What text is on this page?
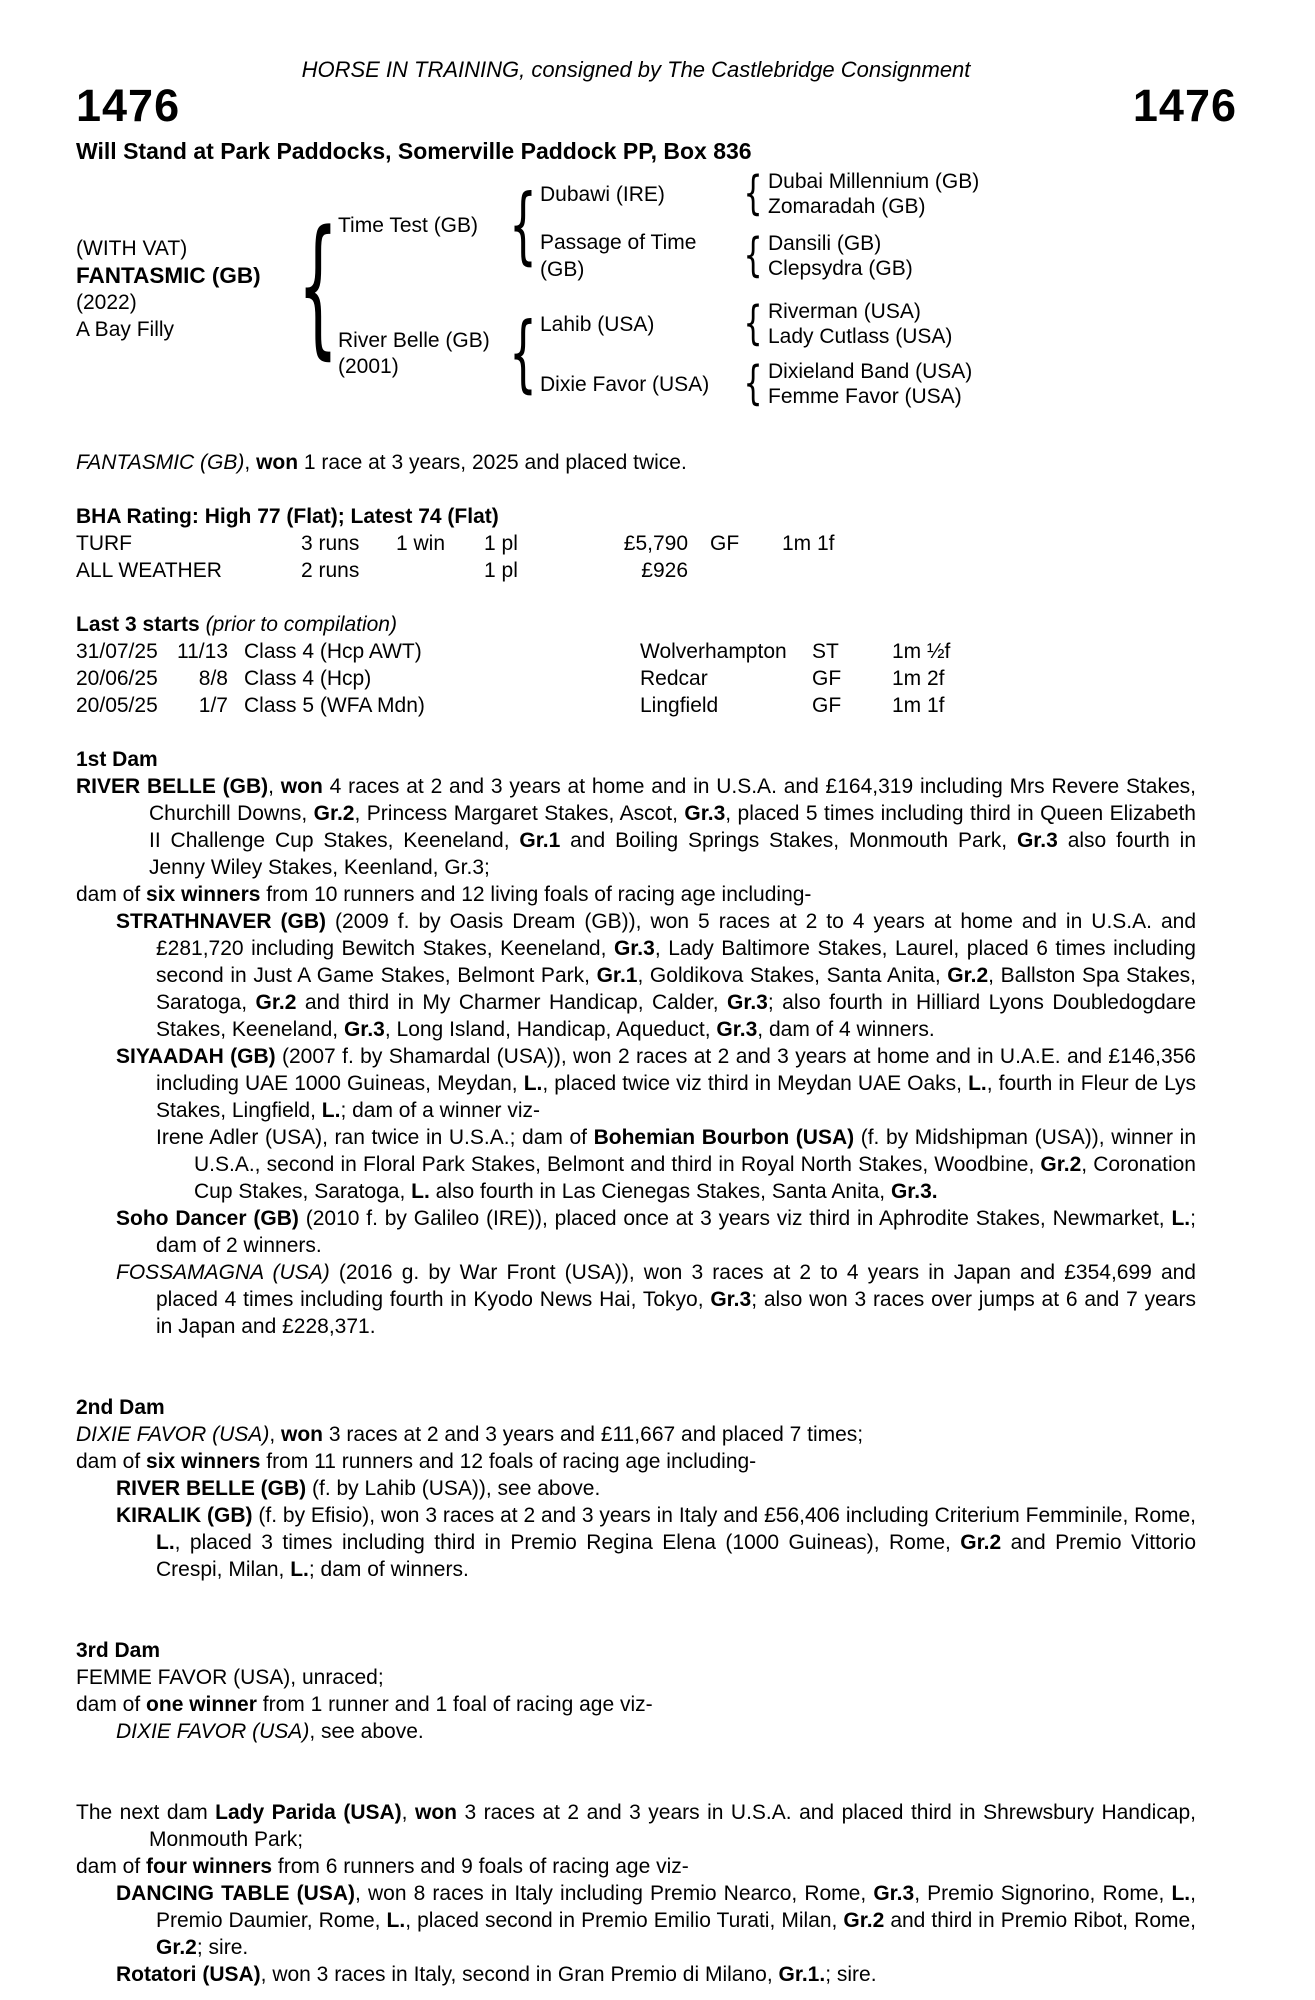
HORSE IN TRAINING, consigned by The Castlebridge Consignment
1476	1476
Will Stand at Park Paddocks, Somerville Paddock PP, Box 836
(WITH VAT)
FANTASMIC (GB)
(2022)
A Bay Filly	{ Time Test (GB) { Dubawi (IRE)	{ Dubai Millennium (GB)
Zomaradah (GB)
Passage of Time (GB)	{ Dansili (GB)
Clepsydra (GB)
River Belle (GB)
(2001)	{ Lahib (USA)	{ Riverman (USA)
Lady Cutlass (USA)
Dixie Favor (USA)	{ Dixieland Band (USA)
Femme Favor (USA)

FANTASMIC (GB), won 1 race at 3 years, 2025 and placed twice.

BHA Rating: High 77 (Flat); Latest 74 (Flat)
TURF	3 runs	1 win	1 pl	£5,790	GF	1m 1f
ALL WEATHER	2 runs	1 pl	£926

Last 3 starts (prior to compilation)

31/07/25 11/13 Class 4 (Hcp AWT)	Wolverhampton	ST	1m ½f
20/06/25	8/8 Class 4 (Hcp)	Redcar	GF	1m 2f
20/05/25	1/7 Class 5 (WFA Mdn)	Lingfield	GF	1m 1f
1st Dam

RIVER BELLE (GB), won 4 races at 2 and 3 years at home and in U.S.A. and £164,319 including Mrs Revere Stakes, Churchill Downs, Gr.2, Princess Margaret Stakes, Ascot, Gr.3, placed 5 times including third in Queen Elizabeth II Challenge Cup Stakes, Keeneland, Gr.1 and Boiling Springs Stakes, Monmouth Park, Gr.3 also fourth in Jenny Wiley Stakes, Keenland, Gr.3;

dam of six winners from 10 runners and 12 living foals of racing age including-

STRATHNAVER (GB) (2009 f. by Oasis Dream (GB)), won 5 races at 2 to 4 years at home and in U.S.A. and £281,720 including Bewitch Stakes, Keeneland, Gr.3, Lady Baltimore Stakes, Laurel, placed 6 times including second in Just A Game Stakes, Belmont Park, Gr.1, Goldikova Stakes, Santa Anita, Gr.2, Ballston Spa Stakes, Saratoga, Gr.2 and third in My Charmer Handicap, Calder, Gr.3; also fourth in Hilliard Lyons Doubledogdare Stakes, Keeneland, Gr.3, Long Island, Handicap, Aqueduct, Gr.3, dam of 4 winners.

SIYAADAH (GB) (2007 f. by Shamardal (USA)), won 2 races at 2 and 3 years at home and in U.A.E. and £146,356 including UAE 1000 Guineas, Meydan, L., placed twice viz third in Meydan UAE Oaks, L., fourth in Fleur de Lys Stakes, Lingfield, L.; dam of a winner viz-

Irene Adler (USA), ran twice in U.S.A.; dam of Bohemian Bourbon (USA) (f. by Midshipman (USA)), winner in U.S.A., second in Floral Park Stakes, Belmont and third in Royal North Stakes, Woodbine, Gr.2, Coronation Cup Stakes, Saratoga, L. also fourth in Las Cienegas Stakes, Santa Anita, Gr.3.

Soho Dancer (GB) (2010 f. by Galileo (IRE)), placed once at 3 years viz third in Aphrodite Stakes, Newmarket, L.; dam of 2 winners.

FOSSAMAGNA (USA) (2016 g. by War Front (USA)), won 3 races at 2 to 4 years in Japan and £354,699 and placed 4 times including fourth in Kyodo News Hai, Tokyo, Gr.3; also won 3 races over jumps at 6 and 7 years in Japan and £228,371.

2nd Dam

DIXIE FAVOR (USA), won 3 races at 2 and 3 years and £11,667 and placed 7 times;

dam of six winners from 11 runners and 12 foals of racing age including-

RIVER BELLE (GB) (f. by Lahib (USA)), see above.

KIRALIK (GB) (f. by Efisio), won 3 races at 2 and 3 years in Italy and £56,406 including Criterium Femminile, Rome, L., placed 3 times including third in Premio Regina Elena (1000 Guineas), Rome, Gr.2 and Premio Vittorio Crespi, Milan, L.; dam of winners.

3rd Dam

FEMME FAVOR (USA), unraced;

dam of one winner from 1 runner and 1 foal of racing age viz-

DIXIE FAVOR (USA), see above.

The next dam Lady Parida (USA), won 3 races at 2 and 3 years in U.S.A. and placed third in Shrewsbury Handicap, Monmouth Park;

dam of four winners from 6 runners and 9 foals of racing age viz-

DANCING TABLE (USA), won 8 races in Italy including Premio Nearco, Rome, Gr.3, Premio Signorino, Rome, L., Premio Daumier, Rome, L., placed second in Premio Emilio Turati, Milan, Gr.2 and third in Premio Ribot, Rome, Gr.2; sire.

Rotatori (USA), won 3 races in Italy, second in Gran Premio di Milano, Gr.1.; sire.
